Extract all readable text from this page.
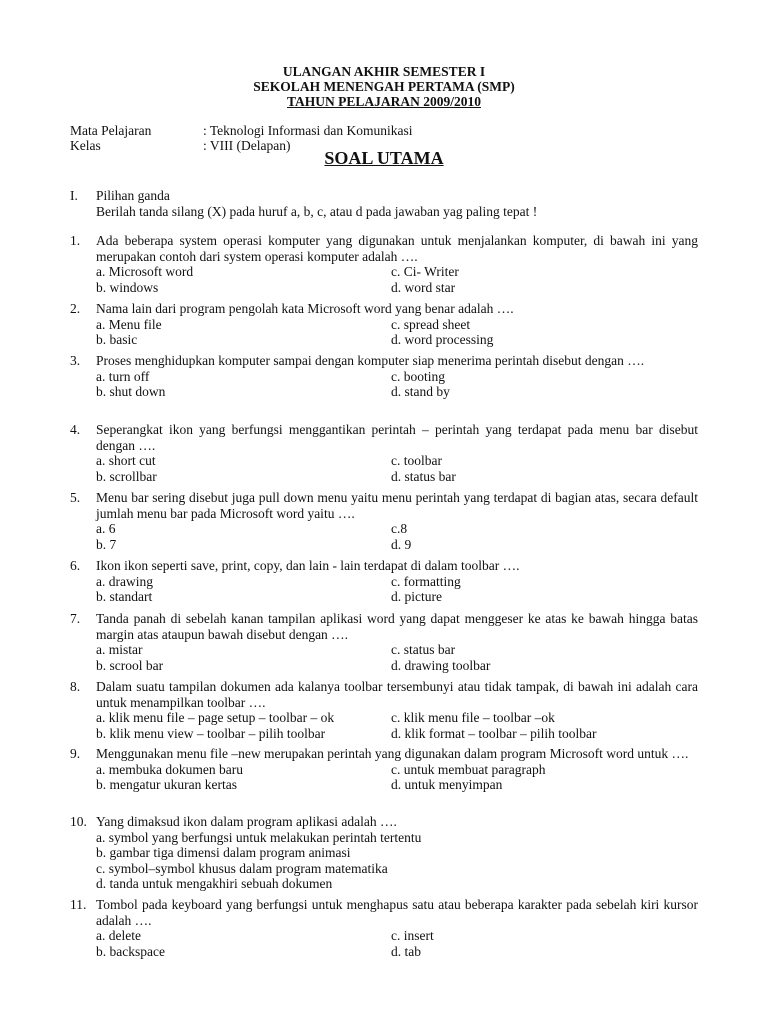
ULANGAN AKHIR SEMESTER I
SEKOLAH MENENGAH PERTAMA (SMP)
TAHUN PELAJARAN 2009/2010
Mata Pelajaran	: Teknologi Informasi dan Komunikasi
Kelas	: VIII (Delapan)
SOAL UTAMA
I.	Pilihan ganda
Berilah tanda silang (X) pada huruf a, b, c, atau d pada jawaban yag paling tepat !
1.	Ada beberapa system operasi komputer yang digunakan untuk menjalankan komputer, di bawah ini yang merupakan contoh dari system operasi komputer adalah ….
a. Microsoft word	c. Ci- Writer
b. windows	d. word star
2.	Nama lain dari program pengolah kata Microsoft word yang benar adalah ….
a. Menu file	c. spread sheet
b. basic	d. word processing
3.	Proses menghidupkan komputer sampai dengan komputer siap menerima perintah disebut dengan ….
a. turn off	c. booting
b. shut down	d. stand by
4.	Seperangkat ikon yang berfungsi menggantikan perintah – perintah yang terdapat pada menu bar disebut dengan ….
a. short cut	c. toolbar
b. scrollbar	d. status bar
5.	Menu bar sering disebut juga pull down menu yaitu menu perintah yang terdapat di bagian atas, secara default jumlah menu bar pada Microsoft word yaitu ….
a. 6	c.8
b. 7	d. 9
6.	Ikon ikon seperti save, print, copy, dan lain - lain terdapat di dalam toolbar ….
a. drawing	c. formatting
b. standart	d. picture
7.	Tanda panah di sebelah kanan tampilan aplikasi word yang dapat menggeser ke atas ke bawah hingga batas margin atas ataupun bawah disebut dengan ….
a. mistar	c. status bar
b. scrool bar	d. drawing toolbar
8.	Dalam suatu tampilan dokumen ada kalanya toolbar tersembunyi atau tidak tampak, di bawah ini adalah cara untuk menampilkan toolbar ….
a. klik menu file – page setup – toolbar – ok	c. klik menu file – toolbar –ok
b. klik menu view – toolbar – pilih toolbar	d. klik format – toolbar – pilih toolbar
9.	Menggunakan menu file –new merupakan perintah yang digunakan dalam program Microsoft word untuk ….
a. membuka dokumen baru	c. untuk membuat paragraph
b. mengatur ukuran kertas	d. untuk menyimpan
10. Yang dimaksud ikon dalam program aplikasi adalah ….
a. symbol yang berfungsi untuk melakukan perintah tertentu
b. gambar tiga dimensi dalam program animasi
c. symbol–symbol khusus dalam program matematika
d. tanda untuk mengakhiri sebuah dokumen
11. Tombol pada keyboard yang berfungsi untuk menghapus satu atau beberapa karakter pada sebelah kiri kursor adalah ….
a. delete	c. insert
b. backspace	d. tab
